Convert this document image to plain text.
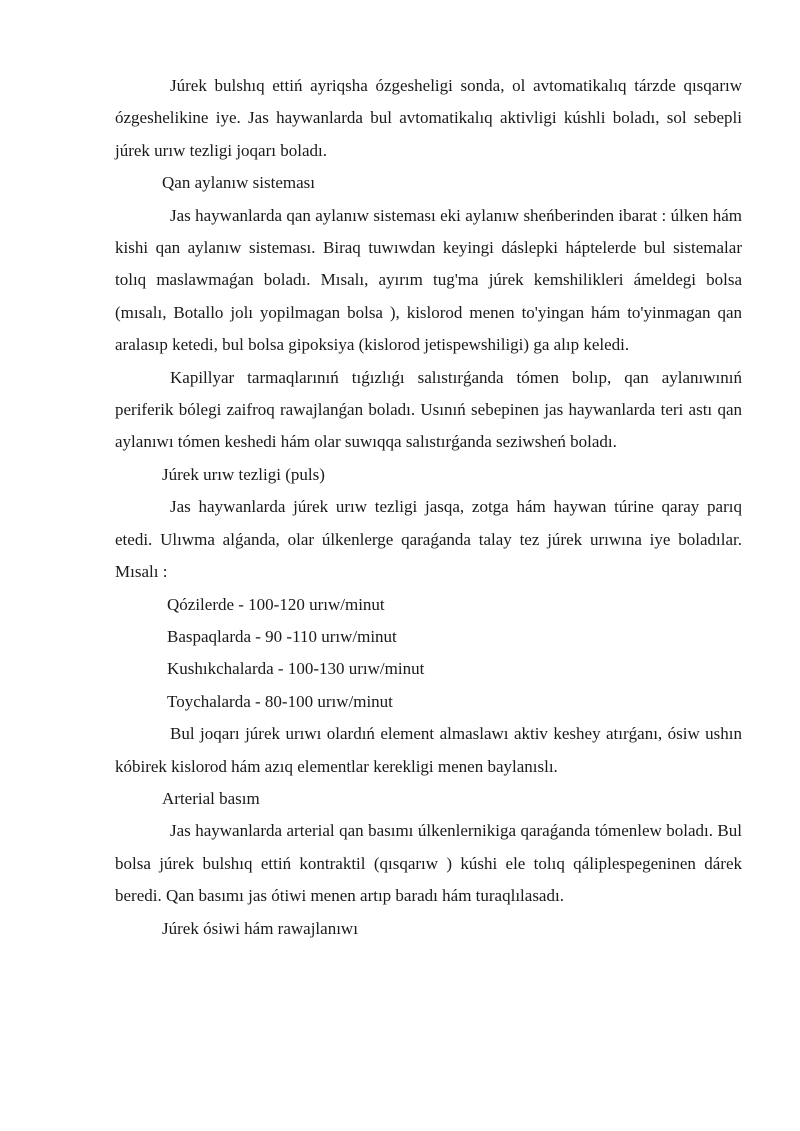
Júrek bulshıq ettiń ayriqsha ózgesheligi sonda, ol avtomatikalıq tárzde qısqarıw ózgeshelikine iye. Jas haywanlarda bul avtomatikalıq aktivligi kúshli boladı, sol sebepli júrek urıw tezligi joqarı boladı.

Qan aylanıw sisteması

Jas haywanlarda qan aylanıw sisteması eki aylanıw sheńberinden ibarat : úlken hám kishi qan aylanıw sisteması. Biraq tuwıwdan keyingi dáslepki háptelerde bul sistemalar tolıq maslawmaǵan boladı. Mısalı, ayırım tug'ma júrek kemshilikleri ámeldegi bolsa (mısalı, Botallo jolı yopilmagan bolsa ), kislorod menen to'yingan hám to'yinmagan qan aralasıp ketedi, bul bolsa gipoksiya (kislorod jetispewshiligi) ga alıp keledi.

Kapillyar tarmaqlarınıń tıǵızlıǵı salıstırǵanda tómen bolıp, qan aylanıwınıń periferik bólegi zaifroq rawajlanǵan boladı. Usınıń sebepinen jas haywanlarda teri astı qan aylanıwı tómen keshedi hám olar suwıqqa salıstırǵanda seziwsheń boladı.

Júrek urıw tezligi (puls)

Jas haywanlarda júrek urıw tezligi jasqa, zotga hám haywan túrine qaray parıq etedi. Ulıwma alǵanda, olar úlkenlerge qaraǵanda talay tez júrek urıwına iye boladılar. Mısalı :

Qózilerde - 100-120 urıw/minut

Baspaqlarda - 90 -110 urıw/minut

Kushıkchalarda - 100-130 urıw/minut

Toychalarda - 80-100 urıw/minut

Bul joqarı júrek urıwı olardıń element almaslawı aktiv keshey atırǵanı, ósiw ushın kóbirek kislorod hám azıq elementlar kerekligi menen baylanıslı.

Arterial basım

Jas haywanlarda arterial qan basımı úlkenlernikiga qaraǵanda tómenlew boladı. Bul bolsa júrek bulshıq ettiń kontraktil (qısqarıw ) kúshi ele tolıq qáliplespegeninen dárek beredi. Qan basımı jas ótiwi menen artıp baradı hám turaqlılasadı.

Júrek ósiwi hám rawajlanıwı
